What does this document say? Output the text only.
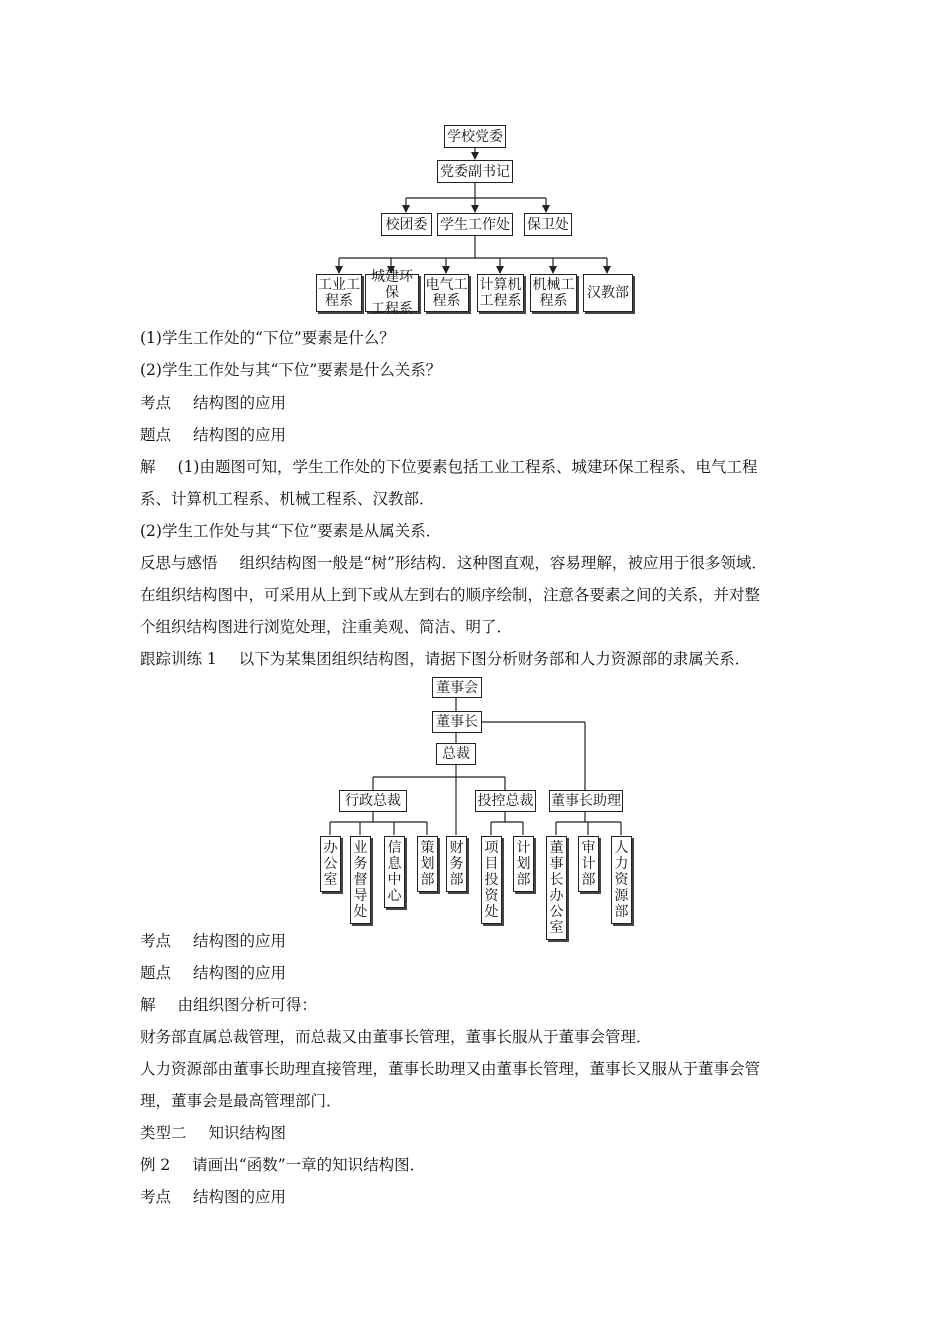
学校党委
党委副书记
校团委 学生工作处 保卫处
工业工
程系
城建环保
工程系
电气工
程系
计算机
工程系
机械工
程系	汉教部
(1)学生工作处的“下位”要素是什么？
(2)学生工作处与其“下位”要素是什么关系？
考点 结构图的应用
题点 结构图的应用
解 (1)由题图可知，学生工作处的下位要素包括工业工程系、城建环保工程系、电气工程
系、计算机工程系、机械工程系、汉教部．
(2)学生工作处与其“下位”要素是从属关系．
反思与感悟 组织结构图一般是“树”形结构．这种图直观，容易理解，被应用于很多领域．
在组织结构图中，可采用从上到下或从左到右的顺序绘制，注意各要素之间的关系，并对整
个组织结构图进行浏览处理，注重美观、简洁、明了．
跟踪训练 1 以下为某集团组织结构图，请据下图分析财务部和人力资源部的隶属关系．
董事会
董事长
总裁
行政总裁	投控总裁 董事长助理
办公室
业务督导处
信息中心
策划部
财务部
项目投资处
计划部
董事长办公室
审计部
人力资源部
考点 结构图的应用
题点 结构图的应用
解 由组织图分析可得：
财务部直属总裁管理，而总裁又由董事长管理，董事长服从于董事会管理．
人力资源部由董事长助理直接管理，董事长助理又由董事长管理，董事长又服从于董事会管
理，董事会是最高管理部门．
类型二 知识结构图
例 2 请画出“函数”一章的知识结构图．
考点 结构图的应用
